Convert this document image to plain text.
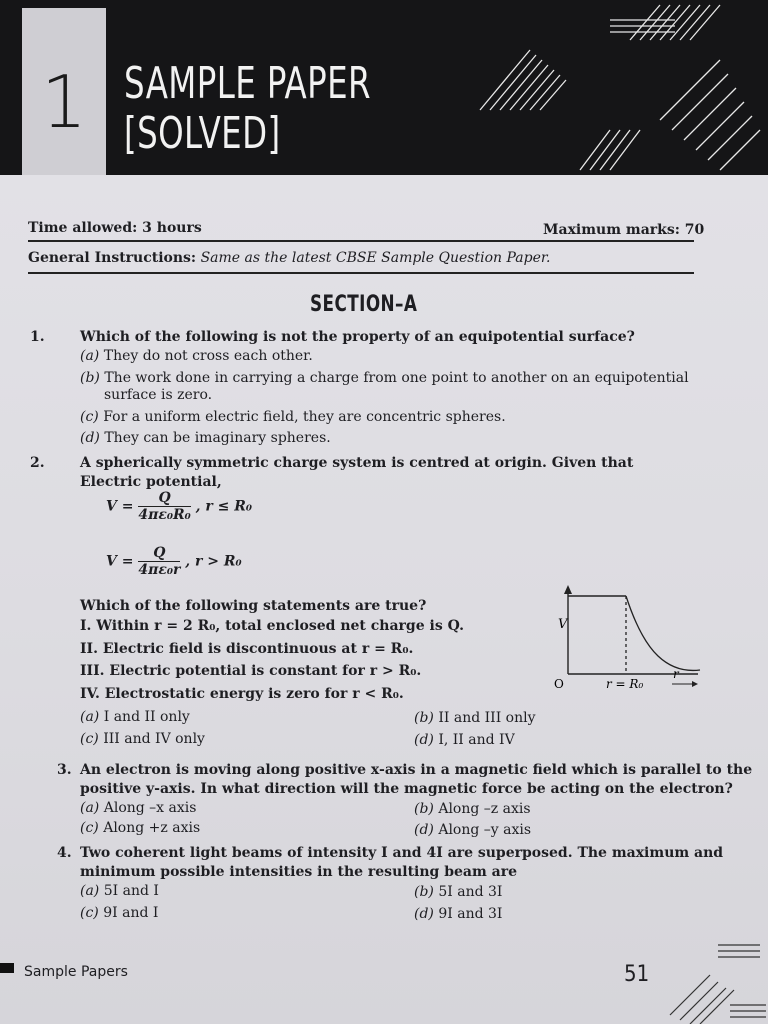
1 SAMPLE PAPER
[SOLVED]
Time allowed: 3 hours	Maximum marks: 70
General Instructions: Same as the latest CBSE Sample Question Paper.
SECTION–A
1.	Which of the following is not the property of an equipotential surface?
(a) They do not cross each other.
(b) The work done in carrying a charge from one point to another on an equipotential
surface is zero.
(c) For a uniform electric field, they are concentric spheres.
(d) They can be imaginary spheres.
2.	A spherically symmetric charge system is centred at origin. Given that
Electric potential,
$V = \frac{Q}{\text{4πε₀R₀}}$ , r ≤ R₀
$V = \frac{Q}{\text{4πε₀r}}$ , r > R₀
Which of the following statements are true?
I. Within r = 2 R₀, total enclosed net charge is Q.
II. Electric field is discontinuous at r = R₀.
III. Electric potential is constant for r > R₀.
IV. Electrostatic energy is zero for r < R₀.
V
O	r = R₀
r
(a) I and II only	(b) II and III only
(c) III and IV only	(d) I, II and IV
3. An electron is moving along positive x-axis in a magnetic field which is parallel to the
positive y-axis. In what direction will the magnetic force be acting on the electron?
(a) Along –x axis	(b) Along –z axis
(c) Along +z axis	(d) Along –y axis
4. Two coherent light beams of intensity I and 4I are superposed. The maximum and
minimum possible intensities in the resulting beam are
(a) 5I and I	(b) 5I and 3I
(c) 9I and I	(d) 9I and 3I
Sample Papers	51
